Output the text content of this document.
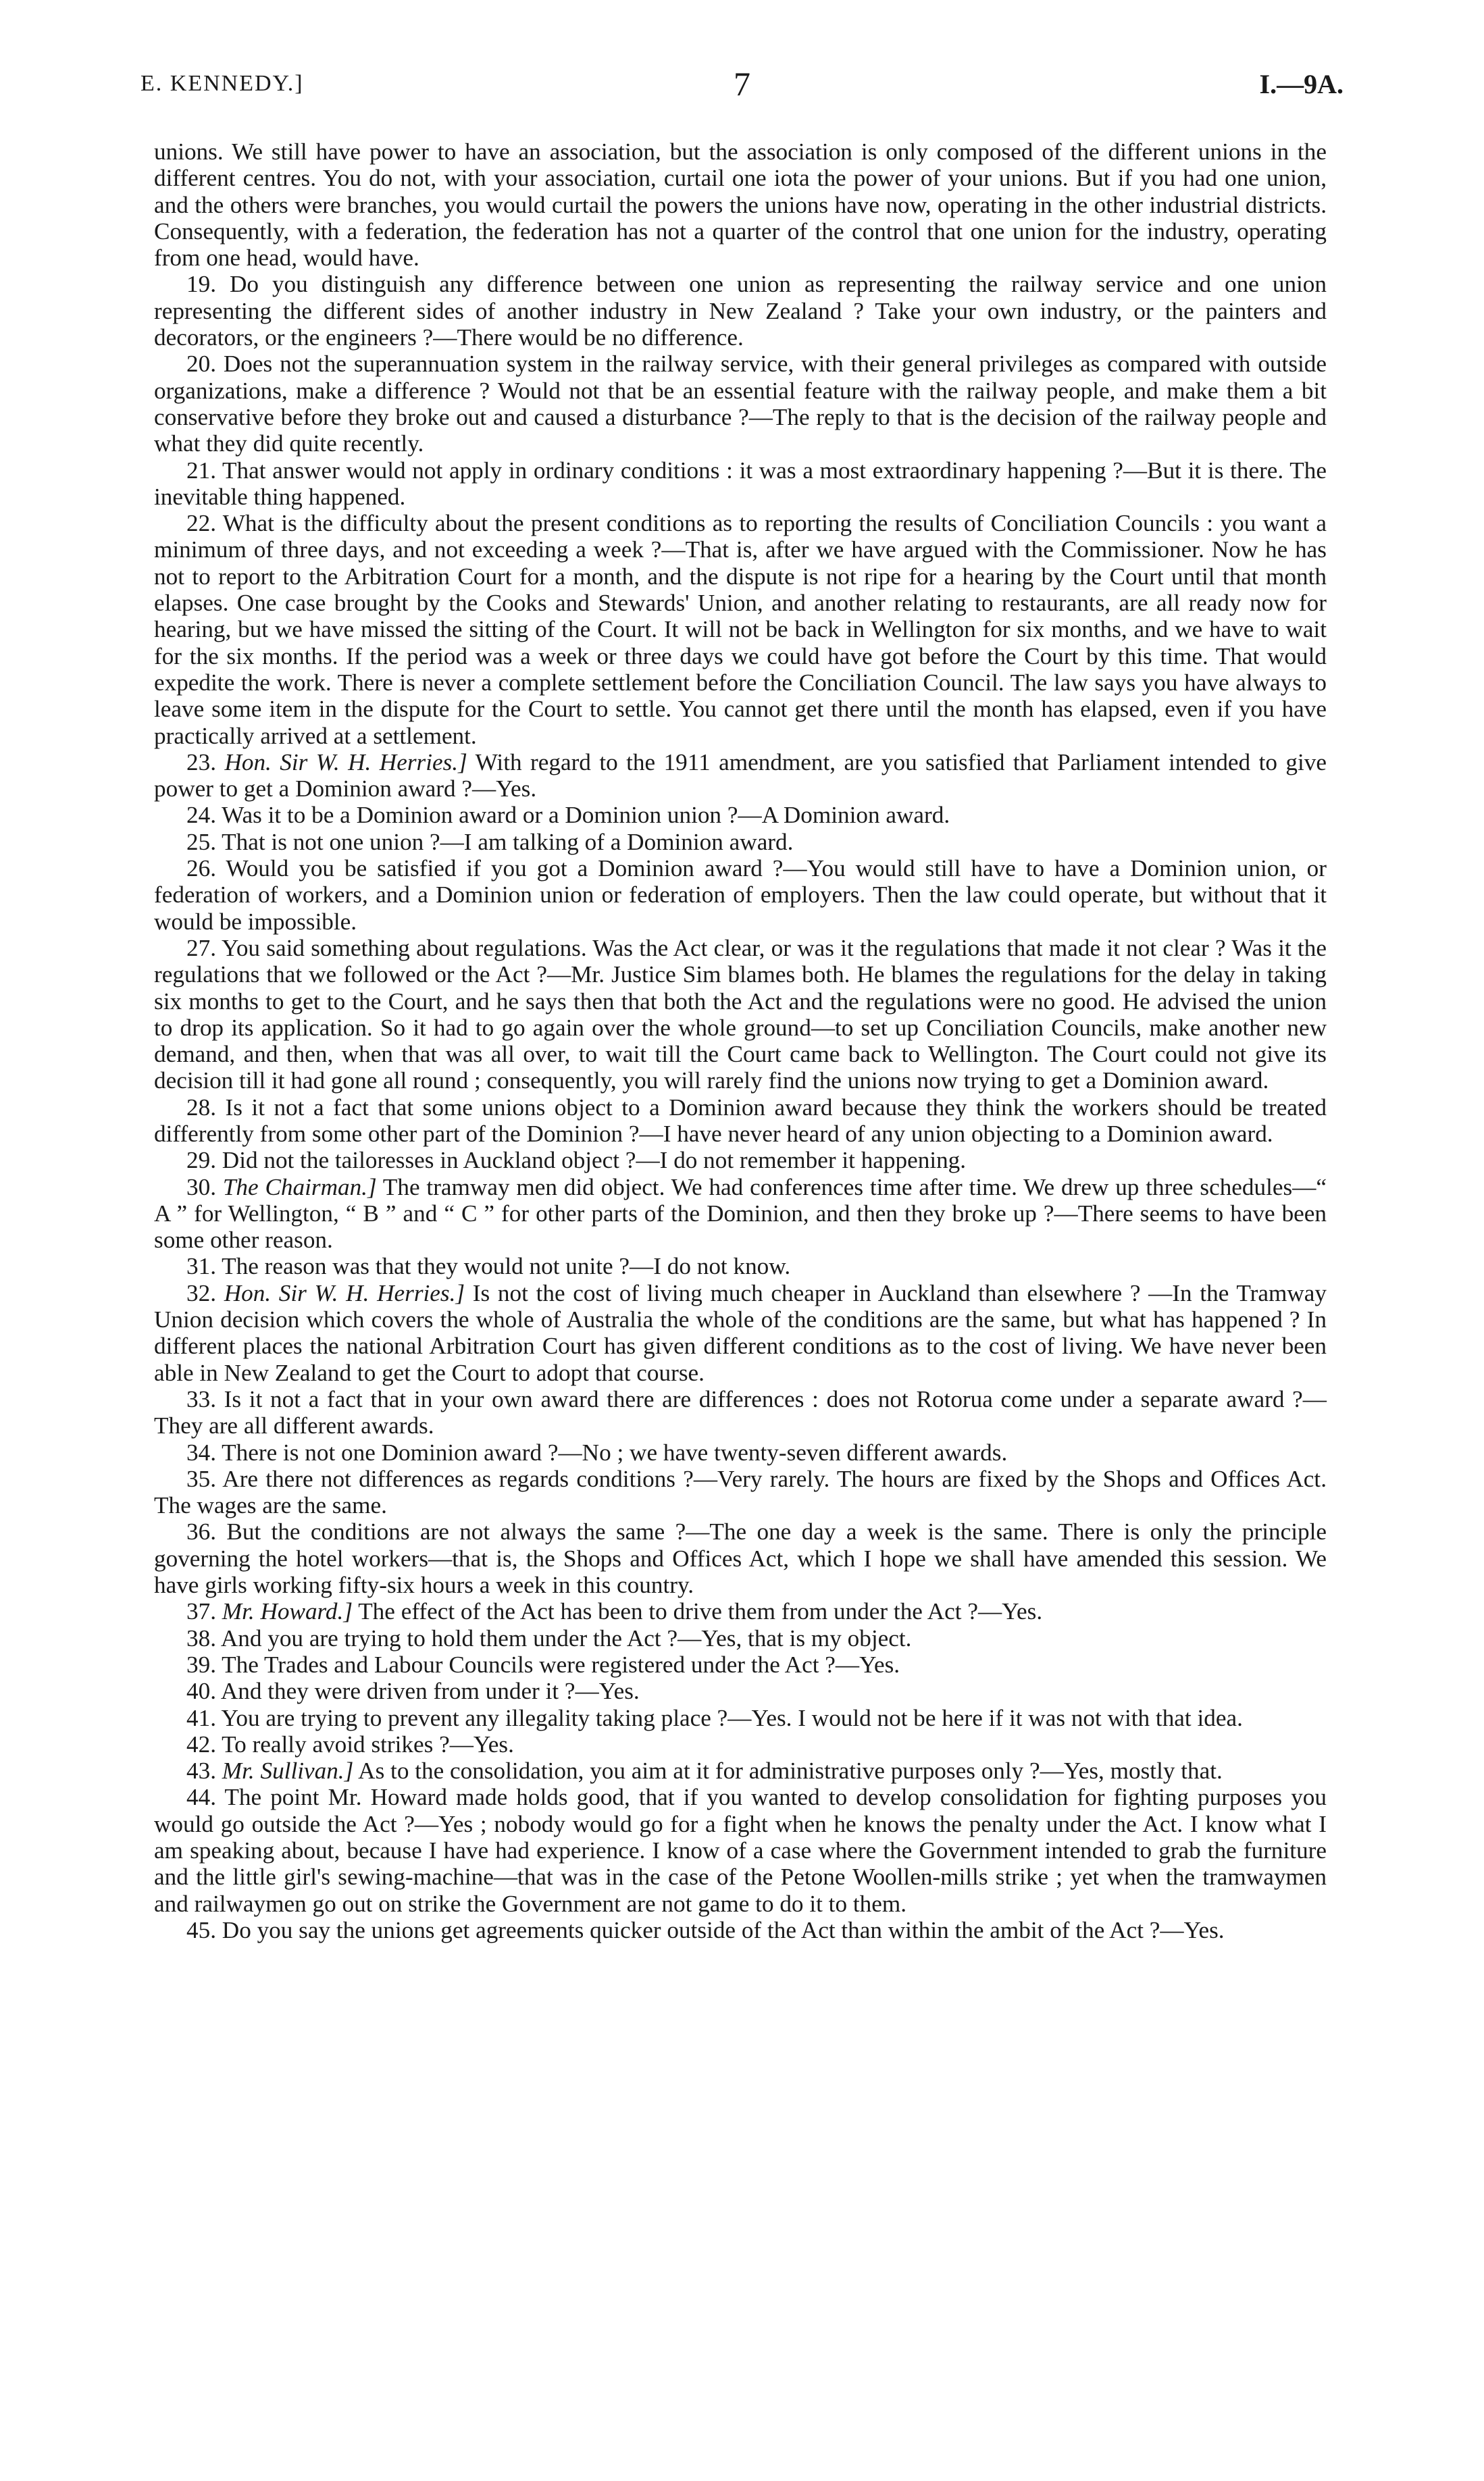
E. KENNEDY.]	7	I.—9A.

unions. We still have power to have an association, but the association is only composed of the different unions in the different centres. You do not, with your association, curtail one iota the power of your unions. But if you had one union, and the others were branches, you would curtail the powers the unions have now, operating in the other industrial districts. Consequently, with a federation, the federation has not a quarter of the control that one union for the industry, operating from one head, would have.

19. Do you distinguish any difference between one union as representing the railway service and one union representing the different sides of another industry in New Zealand ? Take your own industry, or the painters and decorators, or the engineers ?—There would be no difference.

20. Does not the superannuation system in the railway service, with their general privileges as compared with outside organizations, make a difference ? Would not that be an essential feature with the railway people, and make them a bit conservative before they broke out and caused a disturbance ?—The reply to that is the decision of the railway people and what they did quite recently.

21. That answer would not apply in ordinary conditions : it was a most extraordinary happening ?—But it is there. The inevitable thing happened.

22. What is the difficulty about the present conditions as to reporting the results of Conciliation Councils : you want a minimum of three days, and not exceeding a week ?—That is, after we have argued with the Commissioner. Now he has not to report to the Arbitration Court for a month, and the dispute is not ripe for a hearing by the Court until that month elapses. One case brought by the Cooks and Stewards' Union, and another relating to restaurants, are all ready now for hearing, but we have missed the sitting of the Court. It will not be back in Wellington for six months, and we have to wait for the six months. If the period was a week or three days we could have got before the Court by this time. That would expedite the work. There is never a complete settlement before the Conciliation Council. The law says you have always to leave some item in the dispute for the Court to settle. You cannot get there until the month has elapsed, even if you have practically arrived at a settlement.

23. Hon. Sir W. H. Herries.] With regard to the 1911 amendment, are you satisfied that Parliament intended to give power to get a Dominion award ?—Yes.

24. Was it to be a Dominion award or a Dominion union ?—A Dominion award.

25. That is not one union ?—I am talking of a Dominion award.

26. Would you be satisfied if you got a Dominion award ?—You would still have to have a Dominion union, or federation of workers, and a Dominion union or federation of employers. Then the law could operate, but without that it would be impossible.

27. You said something about regulations. Was the Act clear, or was it the regulations that made it not clear ? Was it the regulations that we followed or the Act ?—Mr. Justice Sim blames both. He blames the regulations for the delay in taking six months to get to the Court, and he says then that both the Act and the regulations were no good. He advised the union to drop its application. So it had to go again over the whole ground—to set up Conciliation Councils, make another new demand, and then, when that was all over, to wait till the Court came back to Wellington. The Court could not give its decision till it had gone all round ; consequently, you will rarely find the unions now trying to get a Dominion award.

28. Is it not a fact that some unions object to a Dominion award because they think the workers should be treated differently from some other part of the Dominion ?—I have never heard of any union objecting to a Dominion award.

29. Did not the tailoresses in Auckland object ?—I do not remember it happening.

30. The Chairman.] The tramway men did object. We had conferences time after time. We drew up three schedules—“ A ” for Wellington, “ B ” and “ C ” for other parts of the Dominion, and then they broke up ?—There seems to have been some other reason.

31. The reason was that they would not unite ?—I do not know.

32. Hon. Sir W. H. Herries.] Is not the cost of living much cheaper in Auckland than elsewhere ? —In the Tramway Union decision which covers the whole of Australia the whole of the conditions are the same, but what has happened ? In different places the national Arbitration Court has given different conditions as to the cost of living. We have never been able in New Zealand to get the Court to adopt that course.

33. Is it not a fact that in your own award there are differences : does not Rotorua come under a separate award ?—They are all different awards.

34. There is not one Dominion award ?—No ; we have twenty-seven different awards.

35. Are there not differences as regards conditions ?—Very rarely. The hours are fixed by the Shops and Offices Act. The wages are the same.

36. But the conditions are not always the same ?—The one day a week is the same. There is only the principle governing the hotel workers—that is, the Shops and Offices Act, which I hope we shall have amended this session. We have girls working fifty-six hours a week in this country.

37. Mr. Howard.] The effect of the Act has been to drive them from under the Act ?—Yes.

38. And you are trying to hold them under the Act ?—Yes, that is my object.

39. The Trades and Labour Councils were registered under the Act ?—Yes.

40. And they were driven from under it ?—Yes.

41. You are trying to prevent any illegality taking place ?—Yes. I would not be here if it was not with that idea.

42. To really avoid strikes ?—Yes.

43. Mr. Sullivan.] As to the consolidation, you aim at it for administrative purposes only ?—Yes, mostly that.

44. The point Mr. Howard made holds good, that if you wanted to develop consolidation for fighting purposes you would go outside the Act ?—Yes ; nobody would go for a fight when he knows the penalty under the Act. I know what I am speaking about, because I have had experience. I know of a case where the Government intended to grab the furniture and the little girl's sewing-machine—that was in the case of the Petone Woollen-mills strike ; yet when the tramwaymen and railwaymen go out on strike the Government are not game to do it to them.

45. Do you say the unions get agreements quicker outside of the Act than within the ambit of the Act ?—Yes.
